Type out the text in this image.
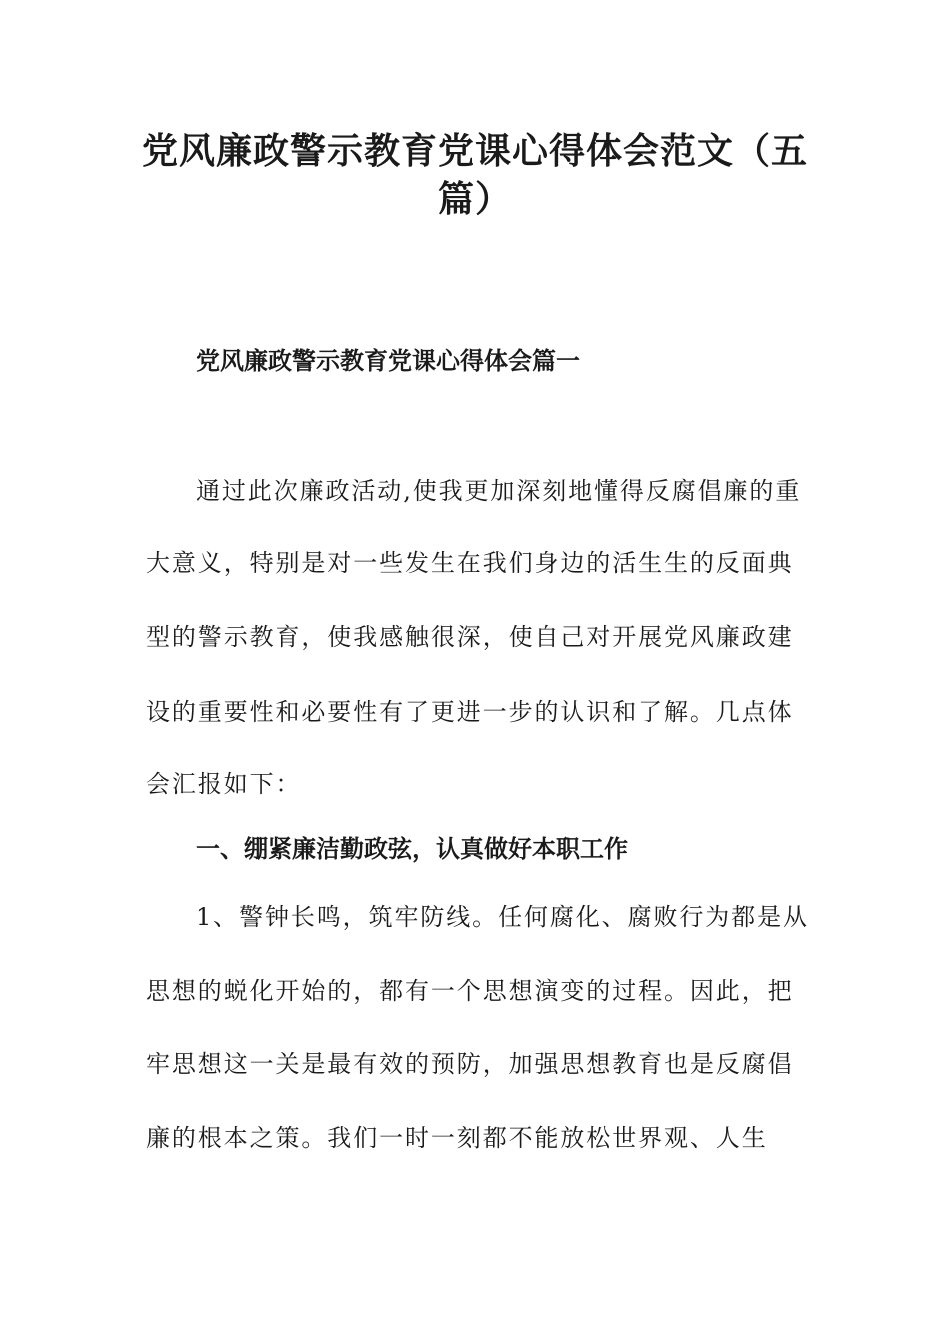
党风廉政警示教育党课心得体会范文（五
篇）
党风廉政警示教育党课心得体会篇一

通过此次廉政活动,使我更加深刻地懂得反腐倡廉的重

大意义，特别是对一些发生在我们身边的活生生的反面典

型的警示教育，使我感触很深，使自己对开展党风廉政建

设的重要性和必要性有了更进一步的认识和了解。几点体

会汇报如下：

一、绷紧廉洁勤政弦，认真做好本职工作

1、警钟长鸣，筑牢防线。任何腐化、腐败行为都是从

思想的蜕化开始的，都有一个思想演变的过程。因此，把

牢思想这一关是最有效的预防，加强思想教育也是反腐倡

廉的根本之策。我们一时一刻都不能放松世界观、人生
